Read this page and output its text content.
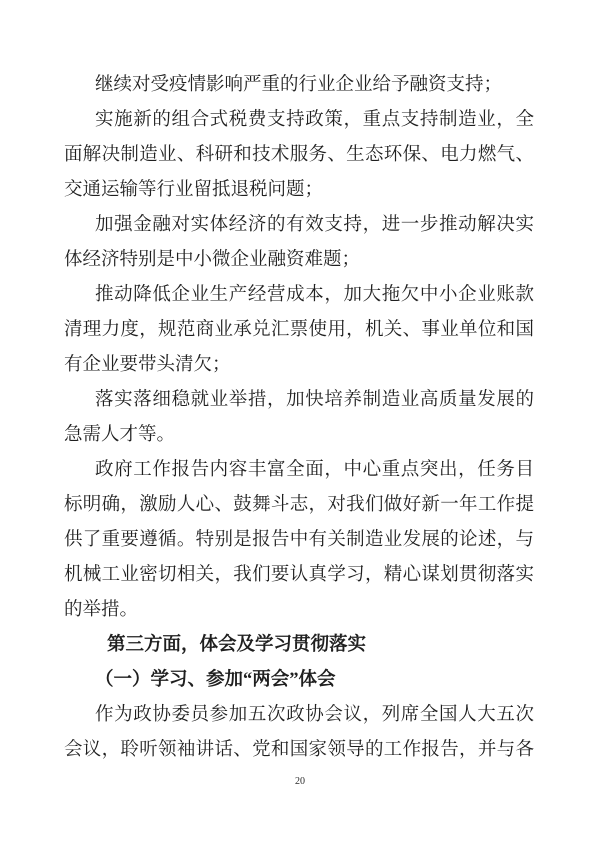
继续对受疫情影响严重的行业企业给予融资支持；
实施新的组合式税费支持政策，重点支持制造业，全
面解决制造业、科研和技术服务、生态环保、电力燃气、
交通运输等行业留抵退税问题；
加强金融对实体经济的有效支持，进一步推动解决实
体经济特别是中小微企业融资难题；
推动降低企业生产经营成本，加大拖欠中小企业账款
清理力度，规范商业承兑汇票使用，机关、事业单位和国
有企业要带头清欠；
落实落细稳就业举措，加快培养制造业高质量发展的
急需人才等。
政府工作报告内容丰富全面，中心重点突出，任务目
标明确，激励人心、鼓舞斗志，对我们做好新一年工作提
供了重要遵循。特别是报告中有关制造业发展的论述，与
机械工业密切相关，我们要认真学习，精心谋划贯彻落实
的举措。
第三方面，体会及学习贯彻落实
（一）学习、参加“两会”体会
作为政协委员参加五次政协会议，列席全国人大五次
会议，聆听领袖讲话、党和国家领导的工作报告，并与各
20
